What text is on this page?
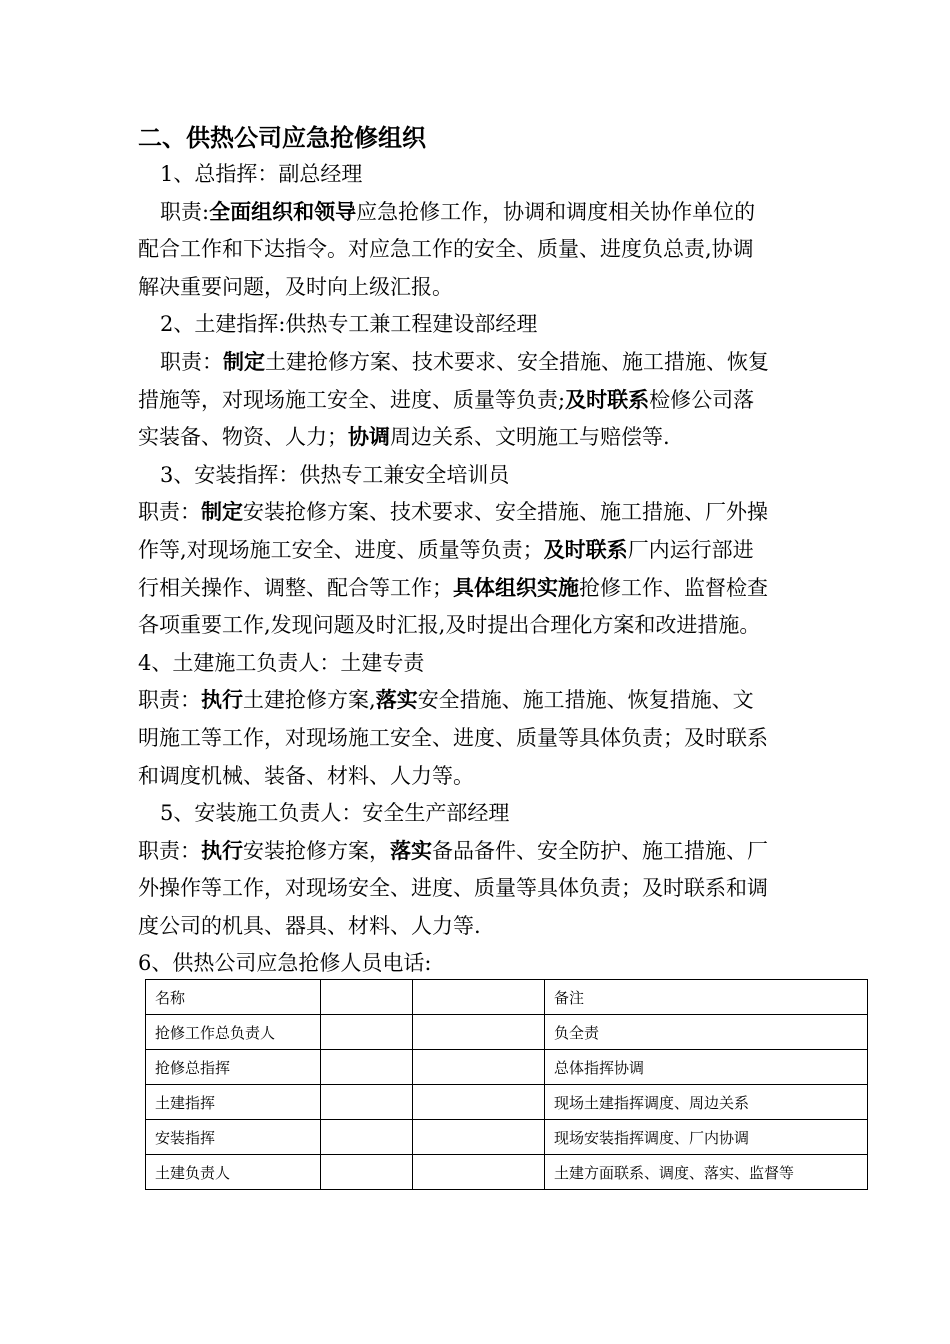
二、供热公司应急抢修组织
1、总指挥：副总经理
职责:全面组织和领导应急抢修工作，协调和调度相关协作单位的
配合工作和下达指令。对应急工作的安全、质量、进度负总责,协调
解决重要问题，及时向上级汇报。
2、土建指挥:供热专工兼工程建设部经理
职责：制定土建抢修方案、技术要求、安全措施、施工措施、恢复
措施等，对现场施工安全、进度、质量等负责;及时联系检修公司落
实装备、物资、人力；协调周边关系、文明施工与赔偿等.
3、安装指挥：供热专工兼安全培训员
职责：制定安装抢修方案、技术要求、安全措施、施工措施、厂外操
作等,对现场施工安全、进度、质量等负责；及时联系厂内运行部进
行相关操作、调整、配合等工作；具体组织实施抢修工作、监督检查
各项重要工作,发现问题及时汇报,及时提出合理化方案和改进措施。
4、土建施工负责人：土建专责
职责：执行土建抢修方案,落实安全措施、施工措施、恢复措施、文
明施工等工作，对现场施工安全、进度、质量等具体负责；及时联系
和调度机械、装备、材料、人力等。
5、安装施工负责人：安全生产部经理
职责：执行安装抢修方案，落实备品备件、安全防护、施工措施、厂
外操作等工作，对现场安全、进度、质量等具体负责；及时联系和调
度公司的机具、器具、材料、人力等.
6、供热公司应急抢修人员电话:
名称			备注
抢修工作总负责人			负全责
抢修总指挥			总体指挥协调
土建指挥			现场土建指挥调度、周边关系
安装指挥			现场安装指挥调度、厂内协调
土建负责人			土建方面联系、调度、落实、监督等
